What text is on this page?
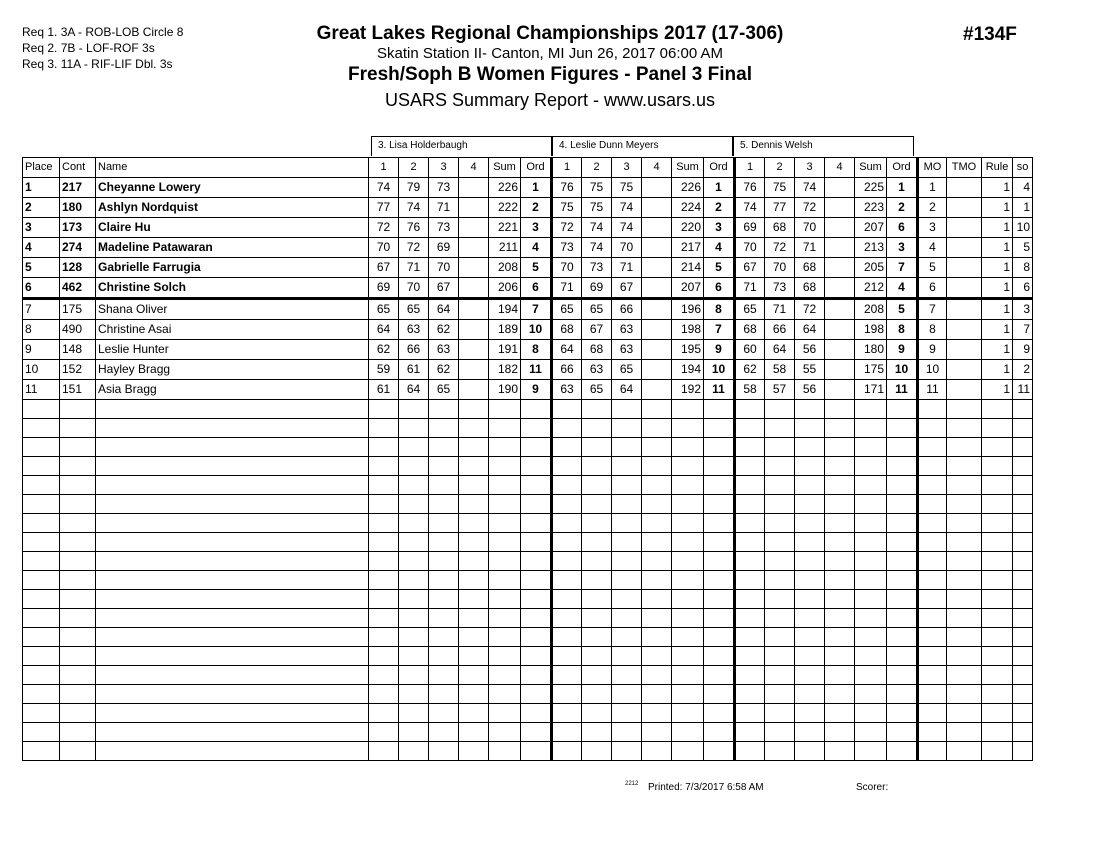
Req 1. 3A - ROB-LOB Circle 8
Req 2. 7B - LOF-ROF 3s
Req 3. 11A - RIF-LIF Dbl. 3s
Great Lakes Regional Championships 2017 (17-306)
Skatin Station II- Canton, MI Jun 26, 2017 06:00 AM
Fresh/Soph B Women Figures - Panel 3 Final
USARS Summary Report - www.usars.us
#134F
3. Lisa Holderbaugh	4. Leslie Dunn Meyers	5. Dennis Welsh
Place	Cont	Name	1	2	3	4	Sum	Ord	1	2	3	4	Sum	Ord	1	2	3	4	Sum	Ord	MO	TMO	Rule	so
1	217	Cheyanne Lowery	74	79	73		226	1	76	75	75		226	1	76	75	74		225	1	1		1	4
2	180	Ashlyn Nordquist	77	74	71		222	2	75	75	74		224	2	74	77	72		223	2	2		1	1
3	173	Claire Hu	72	76	73		221	3	72	74	74		220	3	69	68	70		207	6	3		1	10
4	274	Madeline Patawaran	70	72	69		211	4	73	74	70		217	4	70	72	71		213	3	4		1	5
5	128	Gabrielle Farrugia	67	71	70		208	5	70	73	71		214	5	67	70	68		205	7	5		1	8
6	462	Christine Solch	69	70	67		206	6	71	69	67		207	6	71	73	68		212	4	6		1	6
7	175	Shana Oliver	65	65	64		194	7	65	65	66		196	8	65	71	72		208	5	7		1	3
8	490	Christine Asai	64	63	62		189	10	68	67	63		198	7	68	66	64		198	8	8		1	7
9	148	Leslie Hunter	62	66	63		191	8	64	68	63		195	9	60	64	56		180	9	9		1	9
10	152	Hayley Bragg	59	61	62		182	11	66	63	65		194	10	62	58	55		175	10	10		1	2
11	151	Asia Bragg	61	64	65		190	9	63	65	64		192	11	58	57	56		171	11	11		1	11

2212 Printed: 7/3/2017 6:58 AM	Scorer:
